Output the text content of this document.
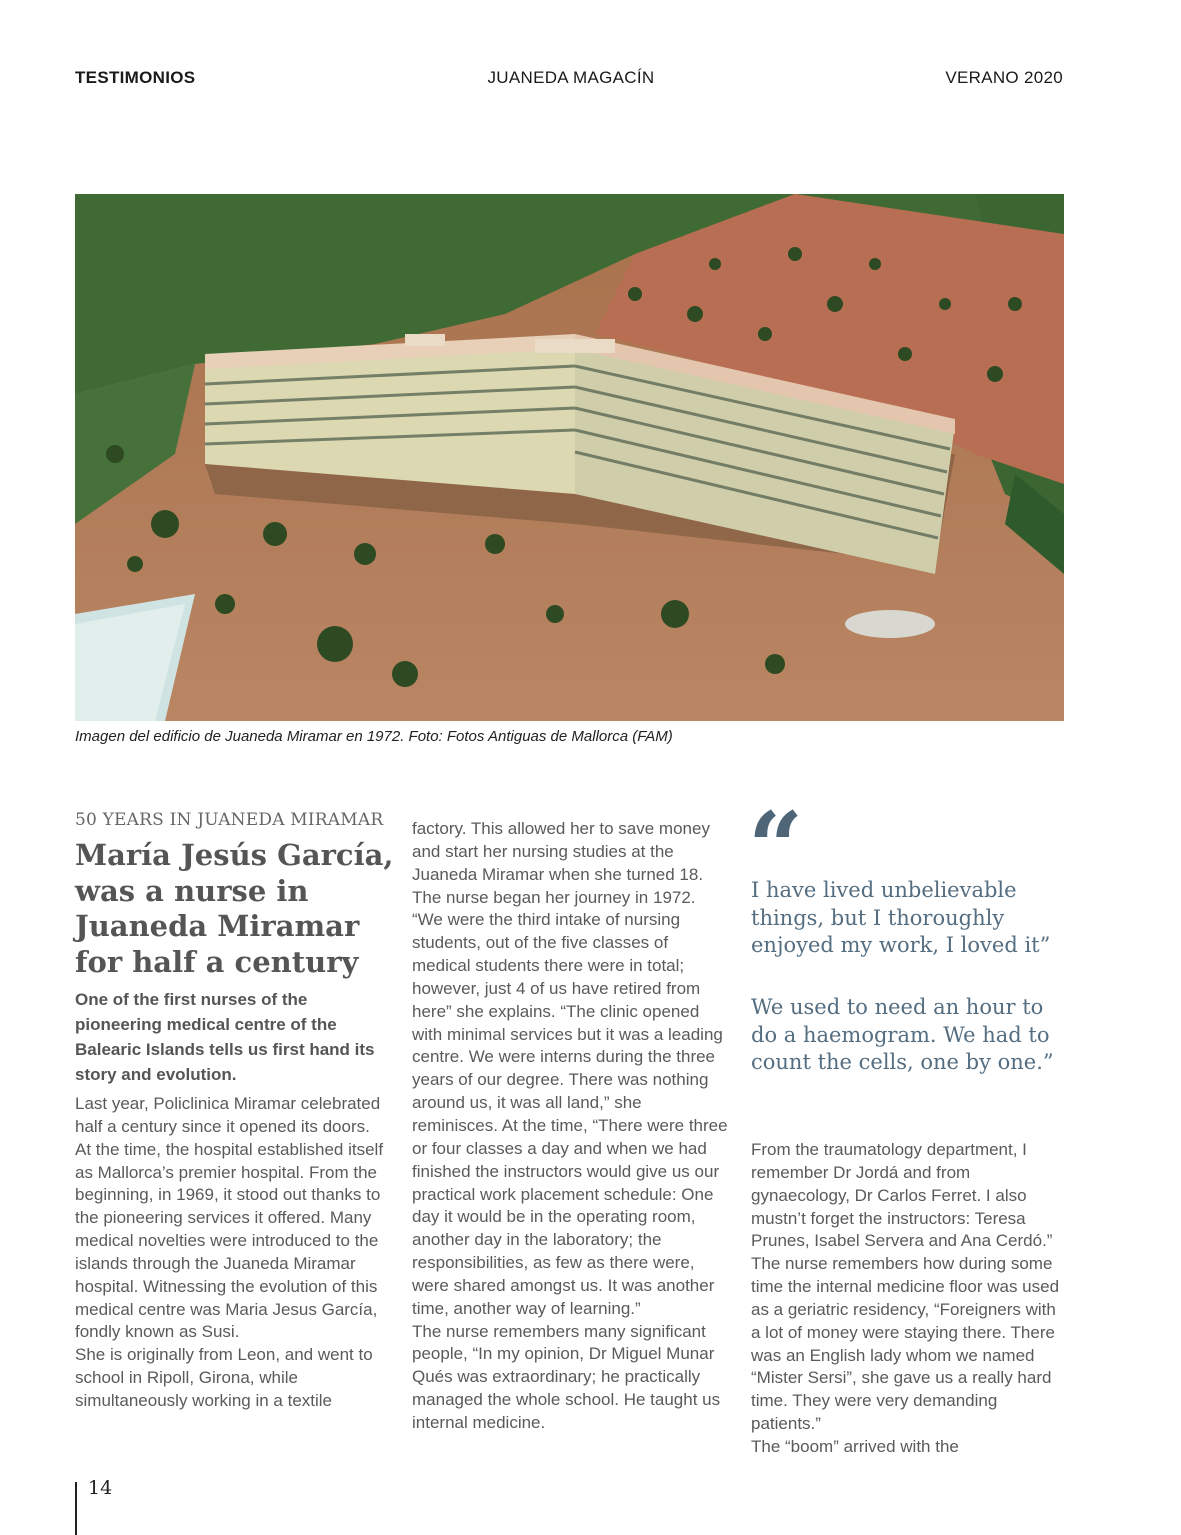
TESTIMONIOS	JUANEDA MAGACÍN	VERANO 2020
Imagen del edificio de Juaneda Miramar en 1972. Foto: Fotos Antiguas de Mallorca (FAM)
50 YEARS IN JUANEDA MIRAMAR
María Jesús García, was a nurse in Juaneda Miramar for half a century

One of the first nurses of the pioneering medical centre of the Balearic Islands tells us first hand its story and evolution.

Last year, Policlinica Miramar celebrated half a century since it opened its doors. At the time, the hospital established itself as Mallorca’s premier hospital. From the beginning, in 1969, it stood out thanks to the pioneering services it offered. Many medical novelties were introduced to the islands through the Juaneda Miramar hospital. Witnessing the evolution of this medical centre was Maria Jesus García, fondly known as Susi.

She is originally from Leon, and went to school in Ripoll, Girona, while simultaneously working in a textile

factory. This allowed her to save money and start her nursing studies at the Juaneda Miramar when she turned 18. The nurse began her journey in 1972. “We were the third intake of nursing students, out of the five classes of medical students there were in total; however, just 4 of us have retired from here” she explains. “The clinic opened with minimal services but it was a leading centre. We were interns during the three years of our degree. There was nothing around us, it was all land,” she reminisces. At the time, “There were three or four classes a day and when we had finished the instructors would give us our practical work placement schedule: One day it would be in the operating room, another day in the laboratory; the responsibilities, as few as there were, were shared amongst us. It was another time, another way of learning.”

The nurse remembers many significant people, “In my opinion, Dr Miguel Munar Qués was extraordinary; he practically managed the whole school. He taught us internal medicine.

“

I have lived unbelievable things, but I thoroughly enjoyed my work, I loved it”

We used to need an hour to do a haemogram. We had to count the cells, one by one.”

From the traumatology department, I remember Dr Jordá and from gynaecology, Dr Carlos Ferret. I also mustn’t forget the instructors: Teresa Prunes, Isabel Servera and Ana Cerdó.” The nurse remembers how during some time the internal medicine floor was used as a geriatric residency, “Foreigners with a lot of money were staying there. There was an English lady whom we named “Mister Sersi”, she gave us a really hard time. They were very demanding patients.”

The “boom” arrived with the

14
